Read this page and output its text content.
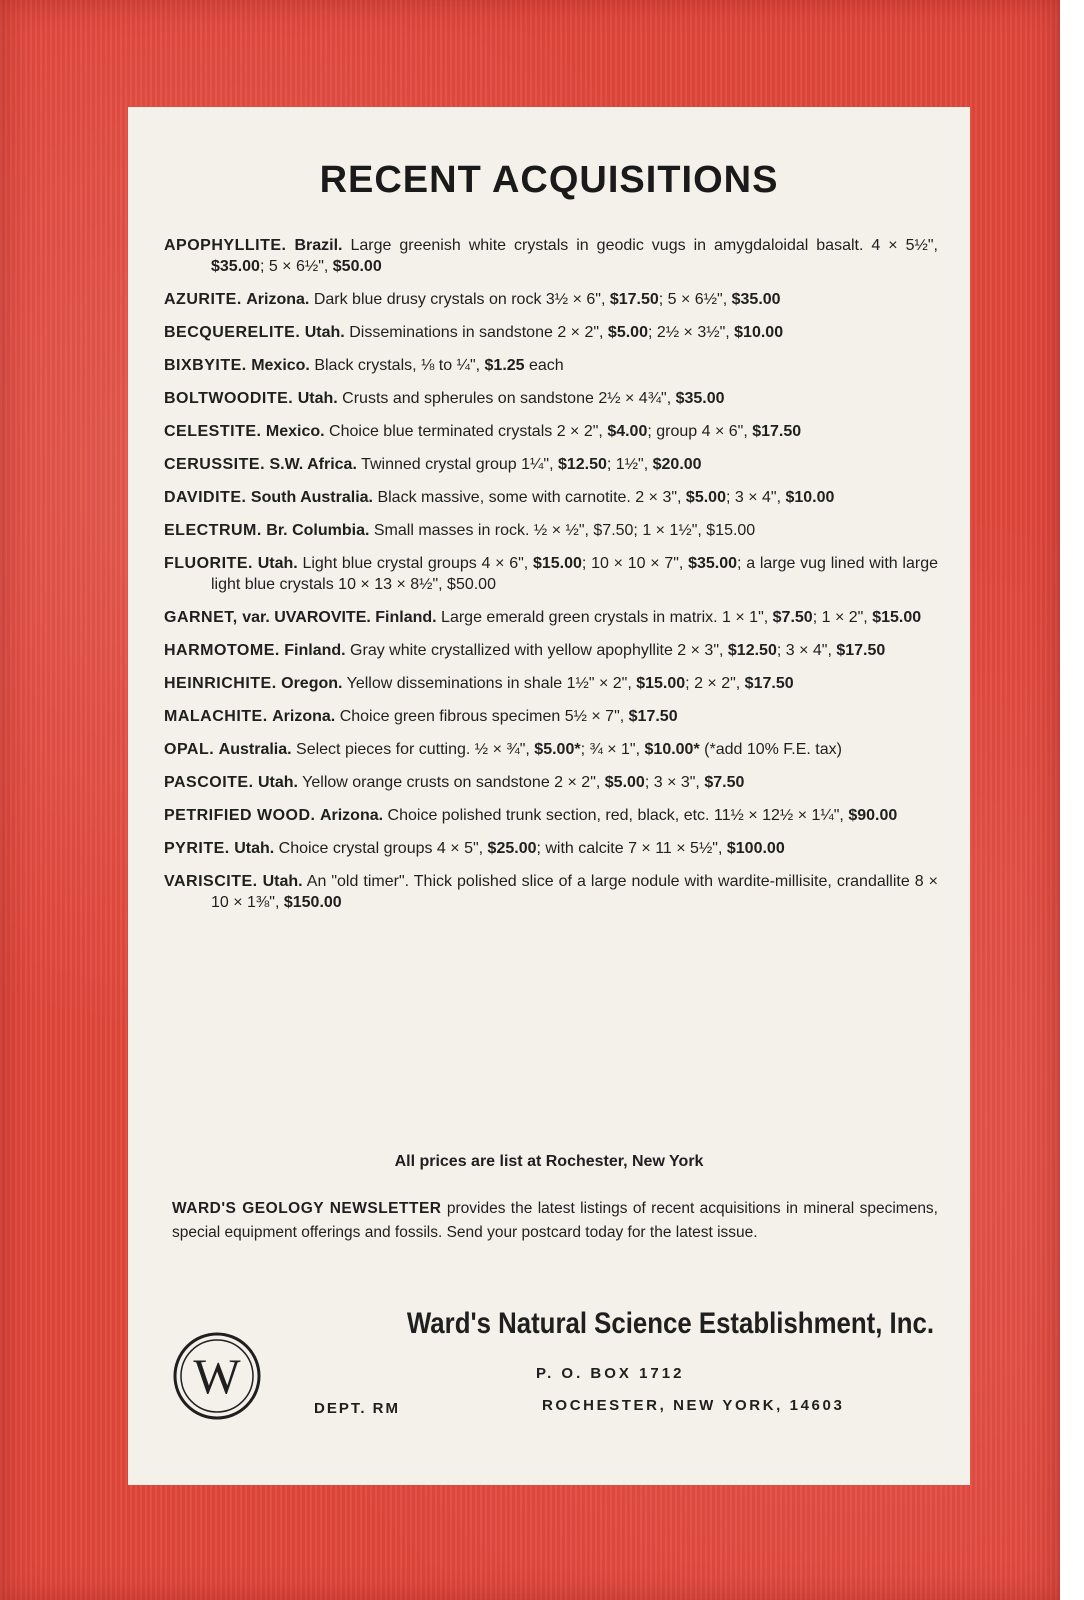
RECENT ACQUISITIONS
APOPHYLLITE. Brazil. Large greenish white crystals in geodic vugs in amygdaloidal basalt. 4 × 5½", $35.00; 5 × 6½", $50.00
AZURITE. Arizona. Dark blue drusy crystals on rock 3½ × 6", $17.50; 5 × 6½", $35.00
BECQUERELITE. Utah. Disseminations in sandstone 2 × 2", $5.00; 2½ × 3½", $10.00
BIXBYITE. Mexico. Black crystals, ⅛ to ¼", $1.25 each
BOLTWOODITE. Utah. Crusts and spherules on sandstone 2½ × 4¾", $35.00
CELESTITE. Mexico. Choice blue terminated crystals 2 × 2", $4.00; group 4 × 6", $17.50
CERUSSITE. S.W. Africa. Twinned crystal group 1¼", $12.50; 1½", $20.00
DAVIDITE. South Australia. Black massive, some with carnotite. 2 × 3", $5.00; 3 × 4", $10.00
ELECTRUM. Br. Columbia. Small masses in rock. ½ × ½", $7.50; 1 × 1½", $15.00
FLUORITE. Utah. Light blue crystal groups 4 × 6", $15.00; 10 × 10 × 7", $35.00; a large vug lined with large light blue crystals 10 × 13 × 8½", $50.00
GARNET, var. UVAROVITE. Finland. Large emerald green crystals in matrix. 1 × 1", $7.50; 1 × 2", $15.00
HARMOTOME. Finland. Gray white crystallized with yellow apophyllite 2 × 3", $12.50; 3 × 4", $17.50
HEINRICHITE. Oregon. Yellow disseminations in shale 1½" × 2", $15.00; 2 × 2", $17.50
MALACHITE. Arizona. Choice green fibrous specimen 5½ × 7", $17.50
OPAL. Australia. Select pieces for cutting. ½ × ¾", $5.00*; ¾ × 1", $10.00* (*add 10% F.E. tax)
PASCOITE. Utah. Yellow orange crusts on sandstone 2 × 2", $5.00; 3 × 3", $7.50
PETRIFIED WOOD. Arizona. Choice polished trunk section, red, black, etc. 11½ × 12½ × 1¼", $90.00
PYRITE. Utah. Choice crystal groups 4 × 5", $25.00; with calcite 7 × 11 × 5½", $100.00
VARISCITE. Utah. An "old timer". Thick polished slice of a large nodule with wardite-millisite, crandallite 8 × 10 × 1⅜", $150.00
All prices are list at Rochester, New York
WARD'S GEOLOGY NEWSLETTER provides the latest listings of recent acquisitions in mineral specimens, special equipment offerings and fossils. Send your postcard today for the latest issue.
W
Ward's Natural Science Establishment, Inc.
P. O. BOX 1712
DEPT. RM	ROCHESTER, NEW YORK, 14603
